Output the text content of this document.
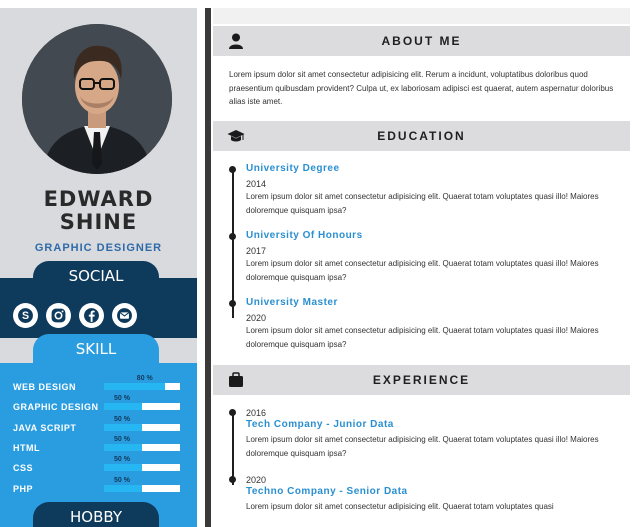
EDWARD
SHINE
GRAPHIC DESIGNER
SOCIAL
S
SKILL
WEB DESIGN
80 %
GRAPHIC DESIGN
50 %
JAVA SCRIPT
50 %
HTML
50 %
CSS
50 %
PHP
50 %
HOBBY
ABOUT ME
Lorem ipsum dolor sit amet consectetur adipisicing elit. Rerum a incidunt, voluptatibus doloribus quod praesentium quibusdam provident? Culpa ut, ex laboriosam adipisci est quaerat, autem aspernatur doloribus alias iste amet.
EDUCATION
University Degree
2014
Lorem ipsum dolor sit amet consectetur adipisicing elit. Quaerat totam voluptates quasi illo! Maiores doloremque quisquam ipsa?
University Of Honours
2017
Lorem ipsum dolor sit amet consectetur adipisicing elit. Quaerat totam voluptates quasi illo! Maiores doloremque quisquam ipsa?
University Master
2020
Lorem ipsum dolor sit amet consectetur adipisicing elit. Quaerat totam voluptates quasi illo! Maiores doloremque quisquam ipsa?
EXPERIENCE
2016
Tech Company - Junior Data
Lorem ipsum dolor sit amet consectetur adipisicing elit. Quaerat totam voluptates quasi illo! Maiores doloremque quisquam ipsa?
2020
Techno Company - Senior Data
Lorem ipsum dolor sit amet consectetur adipisicing elit. Quaerat totam voluptates quasi
